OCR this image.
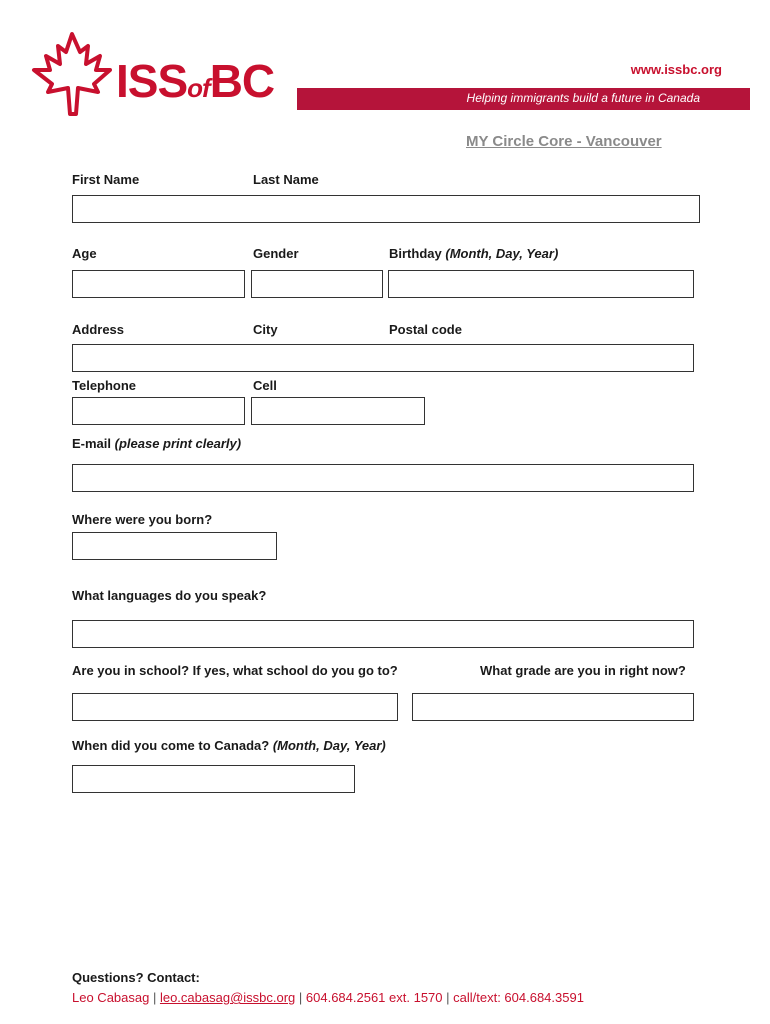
ISSofBC	www.issbc.org
Helping immigrants build a future in Canada
MY Circle Core - Vancouver
First Name	Last Name
Age	Gender	Birthday (Month, Day, Year)
Address	City	Postal code
Telephone	Cell
E-mail (please print clearly)
Where were you born?
What languages do you speak?
Are you in school? If yes, what school do you go to?	What grade are you in right now?
When did you come to Canada? (Month, Day, Year)
Questions? Contact:
Leo Cabasag | leo.cabasag@issbc.org | 604.684.2561 ext. 1570 | call/text: 604.684.3591
